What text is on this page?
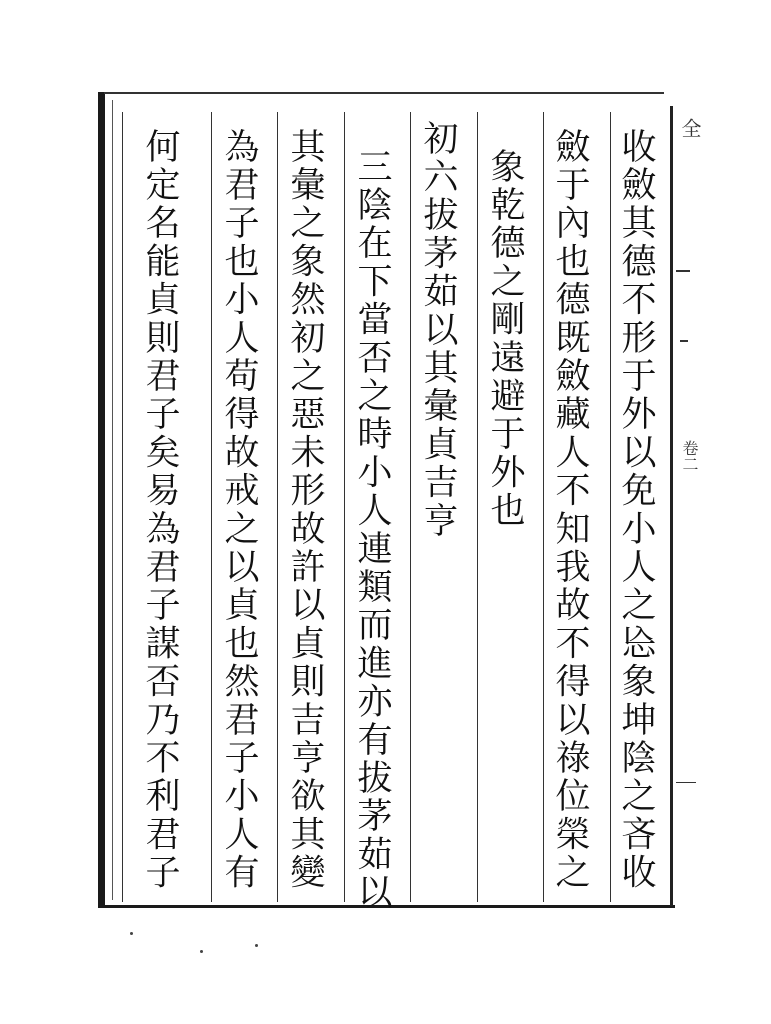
收斂其德不形于外以免小人之㤀象坤陰之吝收
斂于內也德既斂藏人不知我故不得以祿位榮之
象乾德之剛遠避于外也
初六拔茅茹以其彙貞吉亨
三陰在下當否之時小人連類而進亦有拔茅茹以
其彙之象然初之惡未形故許以貞則吉亨欲其變
為君子也小人苟得故戒之以貞也然君子小人有
何定名能貞則君子矣易為君子謀否乃不利君子	全
卷二
